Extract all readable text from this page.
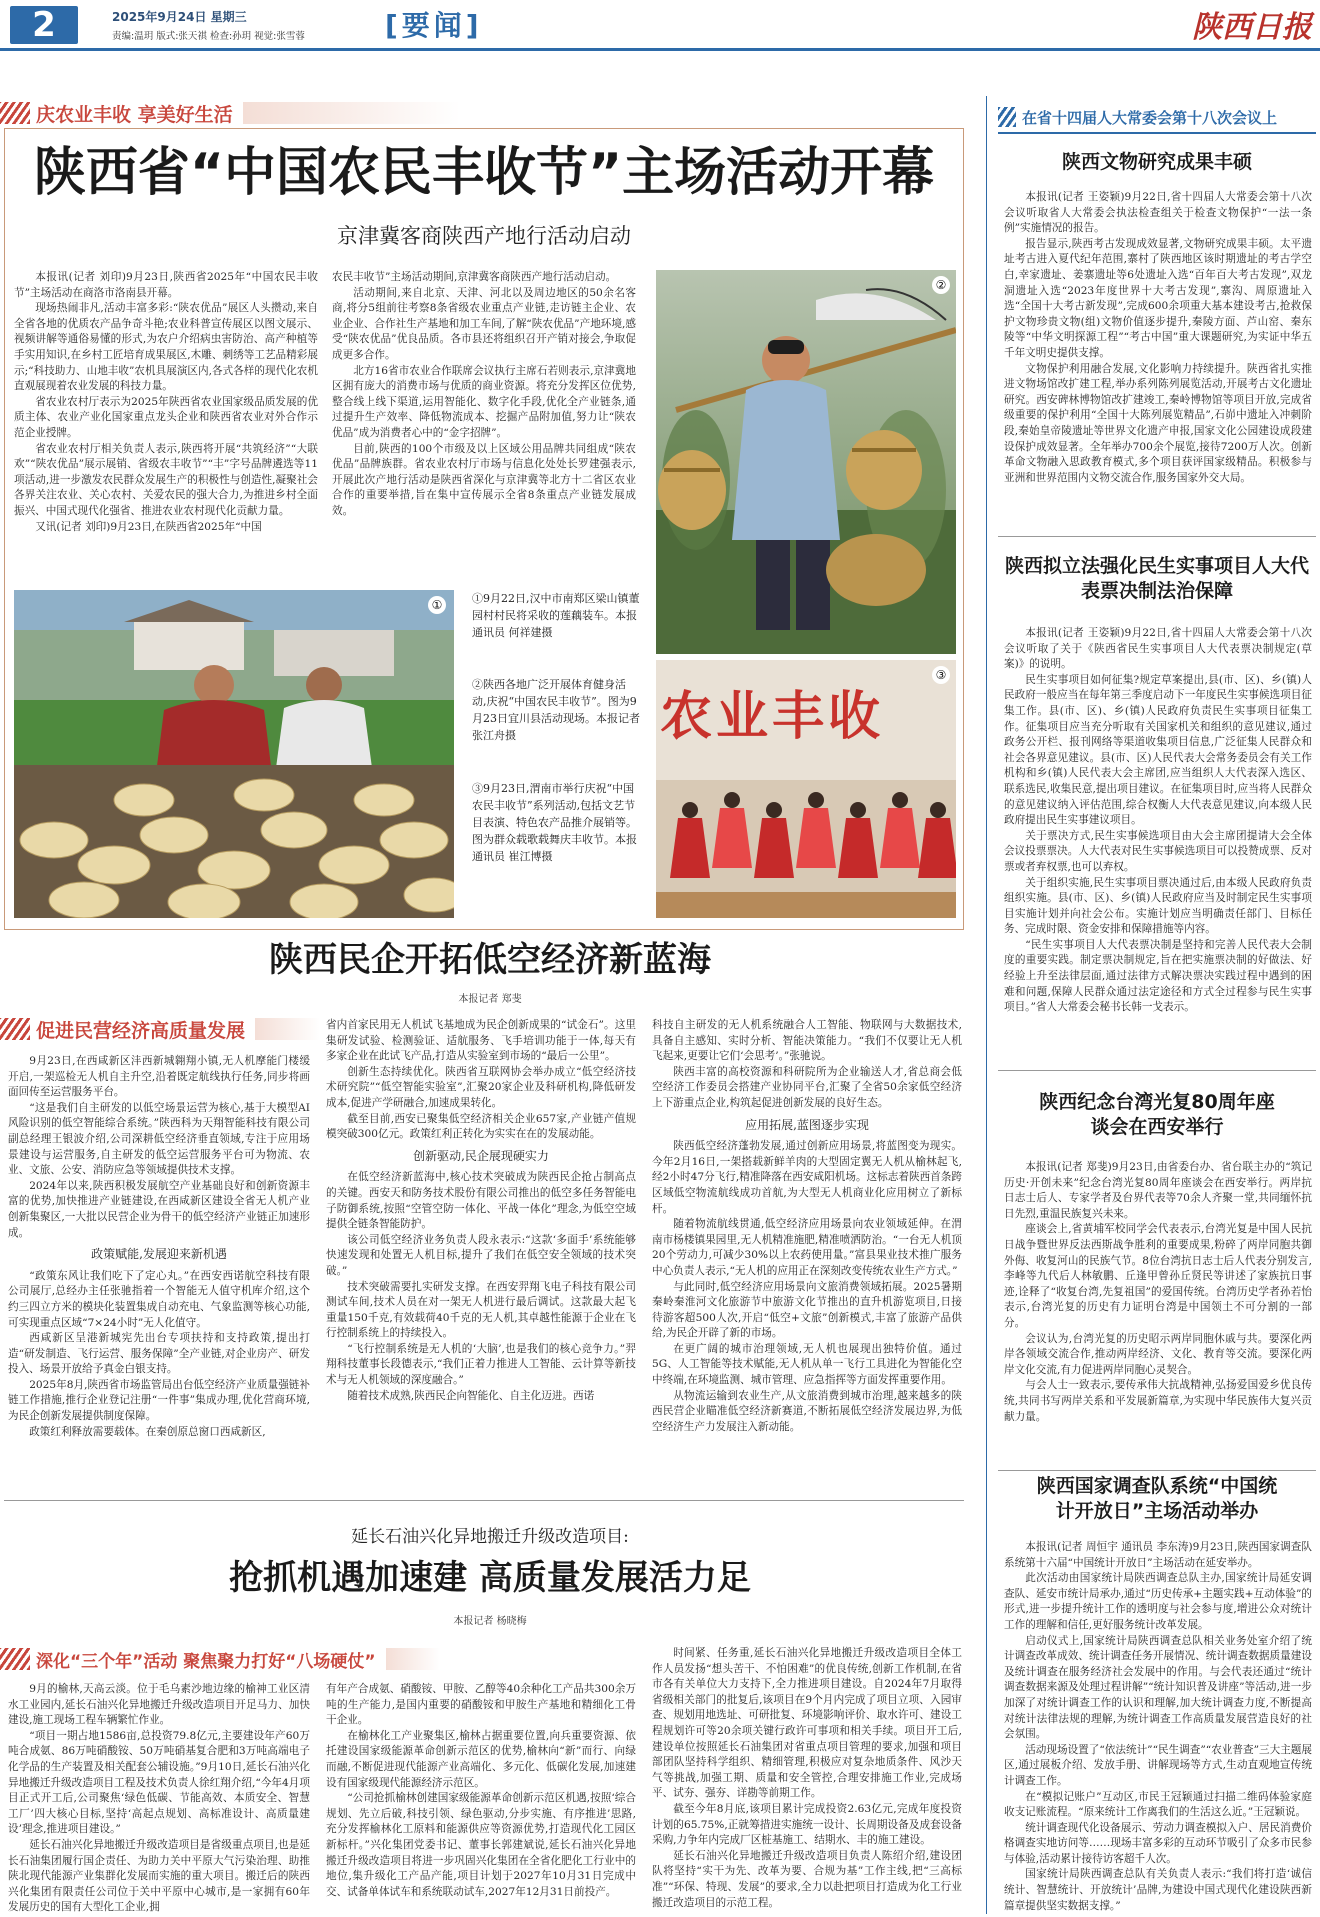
2	2025年9月24日 星期三
责编:温玥 版式:张天祺 检查:孙玥 视觉:张雪蓉	[要闻]	陕西日报
庆农业丰收 享美好生活
陕西省“中国农民丰收节”主场活动开幕
京津冀客商陕西产地行活动启动

本报讯(记者 刘印)9月23日,陕西省2025年“中国农民丰收节”主场活动在商洛市洛南县开幕。

现场热闹非凡,活动丰富多彩:“陕农优品”展区人头攒动,来自全省各地的优质农产品争奇斗艳;农业科普宣传展区以图文展示、视频讲解等通俗易懂的形式,为农户介绍病虫害防治、高产种植等手实用知识,在乡村工匠培育成果展区,木雕、刺绣等工艺品精彩展示;“科技助力、山地丰收”农机具展演区内,各式各样的现代化农机直观展现着农业发展的科技力量。

省农业农村厅表示为2025年陕西省农业国家级品质发展的优质主体、农业产业化国家重点龙头企业和陕西省农业对外合作示范企业授牌。

省农业农村厅相关负责人表示,陕西将开展“共筑经济”“大联欢”“陕农优品”展示展销、省级农丰收节”“丰”字号品牌遴选等11项活动,进一步激发农民群众发展生产的积极性与创造性,凝聚社会各界关注农业、关心农村、关爱农民的强大合力,为推进乡村全面振兴、中国式现代化强省、推进农业农村现代化贡献力量。

又讯(记者 刘印)9月23日,在陕西省2025年“中国

农民丰收节”主场活动期间,京津冀客商陕西产地行活动启动。

活动期间,来自北京、天津、河北以及周边地区的50余名客商,将分5组前往考察8条省级农业重点产业链,走访链主企业、农业企业、合作社生产基地和加工车间,了解“陕农优品”产地环境,感受“陕农优品”优良品质。各市县还将组织召开产销对接会,争取促成更多合作。

北方16省市农业合作联席会议执行主席石若则表示,京津冀地区拥有庞大的消费市场与优质的商业资源。将充分发挥区位优势,整合线上线下渠道,运用智能化、数字化手段,优化全产业链条,通过提升生产效率、降低物流成本、挖掘产品附加值,努力让“陕农优品”成为消费者心中的“金字招牌”。

目前,陕西的100个市级及以上区域公用品牌共同组成“陕农优品”品牌族群。省农业农村厅市场与信息化处处长罗建强表示,开展此次产地行活动是陕西省深化与京津冀等北方十二省区农业合作的重要举措,旨在集中宣传展示全省8条重点产业链发展成效。

②
①	①9月22日,汉中市南郑区梁山镇董园村村民将采收的莲藕装车。本报通讯员 何祥建摄
②陕西各地广泛开展体育健身活动,庆祝“中国农民丰收节”。图为9月23日宜川县活动现场。本报记者 张江舟摄
③9月23日,渭南市举行庆祝“中国农民丰收节”系列活动,包括文艺节目表演、特色农产品推介展销等。图为群众载歌载舞庆丰收节。本报通讯员 崔江博摄
农业丰收
③
陕西民企开拓低空经济新蓝海
本报记者 郑斐
促进民营经济高质量发展

9月23日,在西咸新区沣西新城翱翔小镇,无人机摩能门楼缓开启,一架巡检无人机自主升空,沿着既定航线执行任务,同步将画面回传至运营服务平台。

“这是我们自主研发的以低空场景运营为核心,基于大模型AI风险识别的低空智能综合系统。”陕西科为天翔智能科技有限公司副总经理王银波介绍,公司深耕低空经济垂直领域,专注于应用场景建设与运营服务,自主研发的低空运营服务平台可为物流、农业、文旅、公安、消防应急等领域提供技术支撑。

2024年以来,陕西积极发展航空产业基础良好和创新资源丰富的优势,加快推进产业链建设,在西咸新区建设全省无人机产业创新集聚区,一大批以民营企业为骨干的低空经济产业链正加速形成。

政策赋能,发展迎来新机遇

“政策东风让我们吃下了定心丸。”在西安西诺航空科技有限公司展厅,总经办主任张驰指着一个智能无人值守机库介绍,这个约三四立方米的模块化装置集成自动充电、气象监测等核心功能,可实现重点区域“7×24小时”无人化值守。

西咸新区呈港新城宪先出台专项扶持和支持政策,提出打造“研发制造、飞行运营、服务保障”全产业链,对企业房产、研发投入、场景开放给予真金白银支持。

2025年8月,陕西省市场监管局出台低空经济产业质量强链补链工作措施,推行企业登记注册“一件事”集成办理,优化营商环境,为民企创新发展提供制度保障。

政策红利释放需要载体。在秦创原总窗口西咸新区,

省内首家民用无人机试飞基地成为民企创新成果的“试金石”。这里集研发试验、检测验证、适航服务、飞手培训功能于一体,每天有多家企业在此试飞产品,打造从实验室到市场的“最后一公里”。

创新生态持续优化。陕西省互联网协会举办成立“低空经济技术研究院”“低空智能实验室”,汇聚20家企业及科研机构,降低研发成本,促进产学研融合,加速成果转化。

截至目前,西安已聚集低空经济相关企业657家,产业链产值规模突破300亿元。政策红利正转化为实实在在的发展动能。

创新驱动,民企展现硬实力

在低空经济新蓝海中,核心技术突破成为陕西民企抢占制高点的关键。西安天和防务技术股份有限公司推出的低空多任务智能电子防御系统,按照“空管空防一体化、平战一体化”理念,为低空空域提供全链条智能防护。

该公司低空经济业务负责人段永表示:“这款‘多面手’系统能够快速发现和处置无人机目标,提升了我们在低空安全领域的技术突破。”

技术突破需要扎实研发支撑。在西安羿翔飞电子科技有限公司测试车间,技术人员在对一架无人机进行最后调试。这款最大起飞重量150千克,有效载荷40千克的无人机,其卓越性能源于企业在飞行控制系统上的持续投入。

“飞行控制系统是无人机的‘大脑’,也是我们的核心竞争力。”羿翔科技董事长段德表示,“我们正着力推进人工智能、云计算等新技术与无人机领域的深度融合。”

随着技术成熟,陕西民企向智能化、自主化迈进。西诺

科技自主研发的无人机系统融合人工智能、物联网与大数据技术,具备自主感知、实时分析、智能决策能力。“我们不仅要让无人机飞起来,更要让它们‘会思考’。”张驰说。

陕西丰富的高校资源和科研院所为企业输送人才,省总商会低空经济工作委员会搭建产业协同平台,汇聚了全省50余家低空经济上下游重点企业,构筑起促进创新发展的良好生态。

应用拓展,蓝图逐步实现

陕西低空经济蓬勃发展,通过创新应用场景,将蓝图变为现实。今年2月16日,一架搭载新鲜羊肉的大型固定翼无人机从榆林起飞,经2小时47分飞行,精准降落在西安咸阳机场。这标志着陕西首条跨区域低空物流航线成功首航,为大型无人机商业化应用树立了新标杆。

随着物流航线贯通,低空经济应用场景向农业领域延伸。在渭南市杨楼镇果园里,无人机精准施肥,精准喷洒防治。“一台无人机顶20个劳动力,可减少30%以上农药使用量。”富县果业技术推广服务中心负责人表示,“无人机的应用正在深刻改变传统农业生产方式。”

与此同时,低空经济应用场景向文旅消费领域拓展。2025暑期秦岭秦淮河文化旅游节中旅游文化节推出的直升机游览项目,日接待游客超500人次,开启“低空+文旅”创新模式,丰富了旅游产品供给,为民企开辟了新的市场。

在更广阔的城市治理领域,无人机也展现出独特价值。通过5G、人工智能等技术赋能,无人机从单一飞行工具进化为智能化空中终端,在环境监测、城市管理、应急指挥等方面发挥重要作用。

从物流运输到农业生产,从文旅消费到城市治理,越来越多的陕西民营企业瞄准低空经济新赛道,不断拓展低空经济发展边界,为低空经济生产力发展注入新动能。

延长石油兴化异地搬迁升级改造项目:
抢抓机遇加速建 高质量发展活力足
本报记者 杨晓梅
深化“三个年”活动 聚焦聚力打好“八场硬仗”

9月的榆林,天高云淡。位于毛乌素沙地边缘的榆神工业区清水工业园内,延长石油兴化异地搬迁升级改造项目开足马力、加快建设,施工现场工程车辆繁忙作业。

“项目一期占地1586亩,总投资79.8亿元,主要建设年产60万吨合成氨、86万吨硝酸铵、50万吨硝基复合肥和3万吨高端电子化学品的生产装置及相关配套公辅设施。”9月10日,延长石油兴化异地搬迁升级改造项目工程及技术负责人徐红翔介绍,“今年4月项目正式开工后,公司聚焦‘绿色低碳、节能高效、本质安全、智慧工厂’四大核心目标,坚持‘高起点规划、高标准设计、高质量建设’理念,推进项目建设。”

延长石油兴化异地搬迁升级改造项目是省级重点项目,也是延长石油集团履行国企责任、为助力关中平原大气污染治理、助推陕北现代能源产业集群化发展而实施的重大项目。搬迁后的陕西兴化集团有限责任公司位于关中平原中心城市,是一家拥有60年发展历史的国有大型化工企业,拥

有年产合成氨、硝酸铵、甲胺、乙醇等40余种化工产品共300余万吨的生产能力,是国内重要的硝酸铵和甲胺生产基地和精细化工骨干企业。

在榆林化工产业聚集区,榆林占据重要位置,向兵重要资源、依托建设国家级能源革命创新示范区的优势,榆林向“新”而行、向绿而融,不断促进现代能源产业高端化、多元化、低碳化发展,加速建设有国家级现代能源经济示范区。

“公司抢抓榆林创建国家级能源革命创新示范区机遇,按照‘综合规划、先立后破,科技引领、绿色驱动,分步实施、有序推进’思路,充分发挥榆林化工原料和能源供应等资源优势,打造现代化工园区新标杆。”兴化集团党委书记、董事长郭建斌说,延长石油兴化异地搬迁升级改造项目将进一步巩固兴化集团在全省化肥化工行业中的地位,集升级化工产品产能,项目计划于2027年10月31日完成中交、试备单体试车和系统联动试车,2027年12月31日前投产。

时间紧、任务重,延长石油兴化异地搬迁升级改造项目全体工作人员发扬“想头苦干、不怕困难”的优良传统,创新工作机制,在省市各有关单位大力支持下,全力推进项目建设。自2024年7月取得省级相关部门的批复后,该项目在9个月内完成了项目立项、入园审查、规划用地选址、可研批复、环境影响评价、取水许可、建设工程规划许可等20余项关键行政许可事项和相关手续。项目开工后,建设单位按照延长石油集团对省重点项目管理的要求,加强和项目部团队坚持科学组织、精细管理,积极应对复杂地质条件、风沙天气等挑战,加强工期、质量和安全管控,合理安排施工作业,完成场平、试夯、强夯、详勘等前期工作。

截至今年8月底,该项目累计完成投资2.63亿元,完成年度投资计划的65.75%,正就筹措进实施统一设计、长周期设备及成套设备采购,力争年内完成厂区桩基施工、结期水、丰的施工建设。

延长石油兴化异地搬迁升级改造项目负责人陈绍介绍,建设团队将坚持“实干为先、改革为要、合规为基”工作主线,把“三高标准”“环保、特现、发展”的要求,全力以赴把项目打造成为化工行业搬迁改造项目的示范工程。

在省十四届人大常委会第十八次会议上
陕西文物研究成果丰硕

本报讯(记者 王姿颖)9月22日,省十四届人大常委会第十八次会议听取省人大常委会执法检查组关于检查文物保护“一法一条例”实施情况的报告。

报告显示,陕西考古发现成效显著,文物研究成果丰硕。太平遗址考古进入夏代纪年范围,寨村了陕西地区该时期遗址的考古学空白,幸家遗址、姜寨遗址等6处遗址入选“百年百大考古发现”,双龙洞遗址入选“2023年度世界十大考古发现”,寨沟、周原遗址入选“全国十大考古新发现”,完成600余项重大基本建设考古,抢救保护文物珍贵文物(组)文物价值逐步提升,秦陵方面、芦山窑、秦东陵等“中华文明探源工程”“考古中国”重大课题研究,为实证中华五千年文明史提供支撑。

文物保护利用融合发展,文化影响力持续提升。陕西省扎实推进文物场馆改扩建工程,举办系列陈列展览活动,开展考古文化遗址研究。西安碑林博物馆改扩建竣工,秦岭博物馆等项目开放,完成省级重要的保护利用“全国十大陈列展览精品”,石峁中遗址入冲刺阶段,秦始皇帝陵遗址等世界文化遗产申报,国家文化公园建设成段建设保护成效显著。全年举办700余个展览,接待7200万人次。创新革命文物融入思政教育模式,多个项目获评国家级精品。积极参与亚洲和世界范围内文物交流合作,服务国家外交大局。

陕西拟立法强化民生实事项目人大代表票决制法治保障

本报讯(记者 王姿颖)9月22日,省十四届人大常委会第十八次会议听取了关于《陕西省民生实事项目人大代表票决制规定(草案)》的说明。

民生实事项目如何征集?规定草案提出,县(市、区)、乡(镇)人民政府一般应当在每年第三季度启动下一年度民生实事候选项目征集工作。县(市、区)、乡(镇)人民政府负责民生实事项目征集工作。征集项目应当充分听取有关国家机关和组织的意见建议,通过政务公开栏、报刊网络等渠道收集项目信息,广泛征集人民群众和社会各界意见建议。县(市、区)人民代表大会常务委员会有关工作机构和乡(镇)人民代表大会主席团,应当组织人大代表深入选区、联系选民,收集民意,提出项目建议。在征集项目时,应当将人民群众的意见建议纳入评估范围,综合权衡人大代表意见建议,向本级人民政府提出民生实事建议项目。

关于票决方式,民生实事候选项目由大会主席团提请大会全体会议投票票决。人大代表对民生实事候选项目可以投赞成票、反对票或者弃权票,也可以弃权。

关于组织实施,民生实事项目票决通过后,由本级人民政府负责组织实施。县(市、区)、乡(镇)人民政府应当及时制定民生实事项目实施计划并向社会公布。实施计划应当明确责任部门、目标任务、完成时限、资金安排和保障措施等内容。

“民生实事项目人大代表票决制是坚持和完善人民代表大会制度的重要实践。制定票决制规定,旨在把实施票决制的好做法、好经验上升至法律层面,通过法律方式解决票决实践过程中遇到的困难和问题,保障人民群众通过法定途径和方式全过程参与民生实事项目。”省人大常委会秘书长韩一戈表示。

陕西纪念台湾光复80周年座谈会在西安举行

本报讯(记者 郑斐)9月23日,由省委台办、省台联主办的“筑记历史·开创未来”纪念台湾光复80周年座谈会在西安举行。两岸抗日志士后人、专家学者及台界代表等70余人齐聚一堂,共同缅怀抗日先烈,重温民族复兴未来。

座谈会上,省黄埔军校同学会代表表示,台湾光复是中国人民抗日战争暨世界反法西斯战争胜利的重要成果,粉碎了两岸同胞共御外侮、收复河山的民族气节。8位台湾抗日志士后人代表分别发言,李峰等九代后人林敏鹏、丘逢甲曾孙丘贤民等讲述了家族抗日事迹,诠释了“收复台湾,先复祖国”的爱国传统。台湾历史学者孙若怡表示,台湾光复的历史有力证明台湾是中国领土不可分割的一部分。

会议认为,台湾光复的历史昭示两岸同胞休戚与共。要深化两岸各领域交流合作,推动两岸经济、文化、教育等交流。要深化两岸文化交流,有力促进两岸同胞心灵契合。

与会人士一致表示,要传承伟大抗战精神,弘扬爱国爱乡优良传统,共同书写两岸关系和平发展新篇章,为实现中华民族伟大复兴贡献力量。

陕西国家调查队系统“中国统计开放日”主场活动举办

本报讯(记者 周恒宇 通讯员 李东涛)9月23日,陕西国家调查队系统第十六届“中国统计开放日”主场活动在延安举办。

此次活动由国家统计局陕西调查总队主办,国家统计局延安调查队、延安市统计局承办,通过“历史传承+主题实践+互动体验”的形式,进一步提升统计工作的透明度与社会参与度,增进公众对统计工作的理解和信任,更好服务统计改革发展。

启动仪式上,国家统计局陕西调查总队相关业务处室介绍了统计调查改革成效、统计调查任务开展情况、统计调查数据质量建设及统计调查在服务经济社会发展中的作用。与会代表还通过“统计调查数据来源及处理过程讲解”“统计知识普及讲座”等活动,进一步加深了对统计调查工作的认识和理解,加大统计调查力度,不断提高对统计法律法规的理解,为统计调查工作高质量发展营造良好的社会氛围。

活动现场设置了“依法统计”“民生调查”“农业普查”三大主题展区,通过展板介绍、发放手册、讲解现场等方式,生动直观地宣传统计调查工作。

在“模拟记账户”互动区,市民王冠颖通过扫描二维码体验家庭收支记账流程。“原来统计工作离我们的生活这么近。”王冠颖说。

统计调查现代化设备展示、劳动力调查模拟入户、居民消费价格调查实地访问等……现场丰富多彩的互动环节吸引了众多市民参与体验,活动累计接待访客超千人次。

国家统计局陕西调查总队有关负责人表示:“我们将打造‘诚信统计、智慧统计、开放统计’品牌,为建设中国式现代化建设陕西新篇章提供坚实数据支撑。”
